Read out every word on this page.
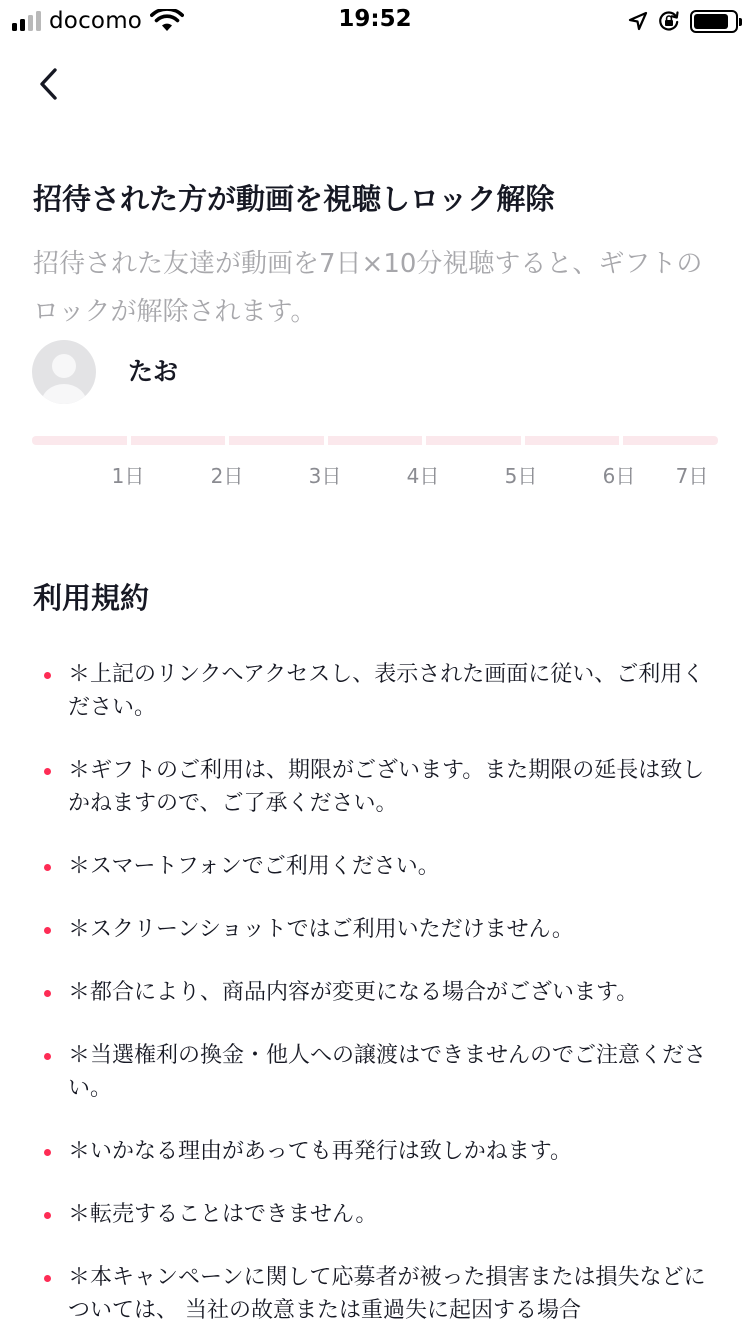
docomo	19:52
招待された方が動画を視聴しロック解除

招待された友達が動画を7日×10分視聴すると、ギフトのロックが解除されます。

たお
1日	2日	3日	4日	5日	6日 7日
利用規約
＊上記のリンクへアクセスし、表示された画面に従い、ご利用ください。
＊ギフトのご利用は、期限がございます。また期限の延長は致しかねますので、ご了承ください。
＊スマートフォンでご利用ください。
＊スクリーンショットではご利用いただけません。
＊都合により、商品内容が変更になる場合がございます。
＊当選権利の換金・他人への譲渡はできませんのでご注意ください。
＊いかなる理由があっても再発行は致しかねます。
＊転売することはできません。
＊本キャンペーンに関して応募者が被った損害または損失などについては、 当社の故意または重過失に起因する場合
